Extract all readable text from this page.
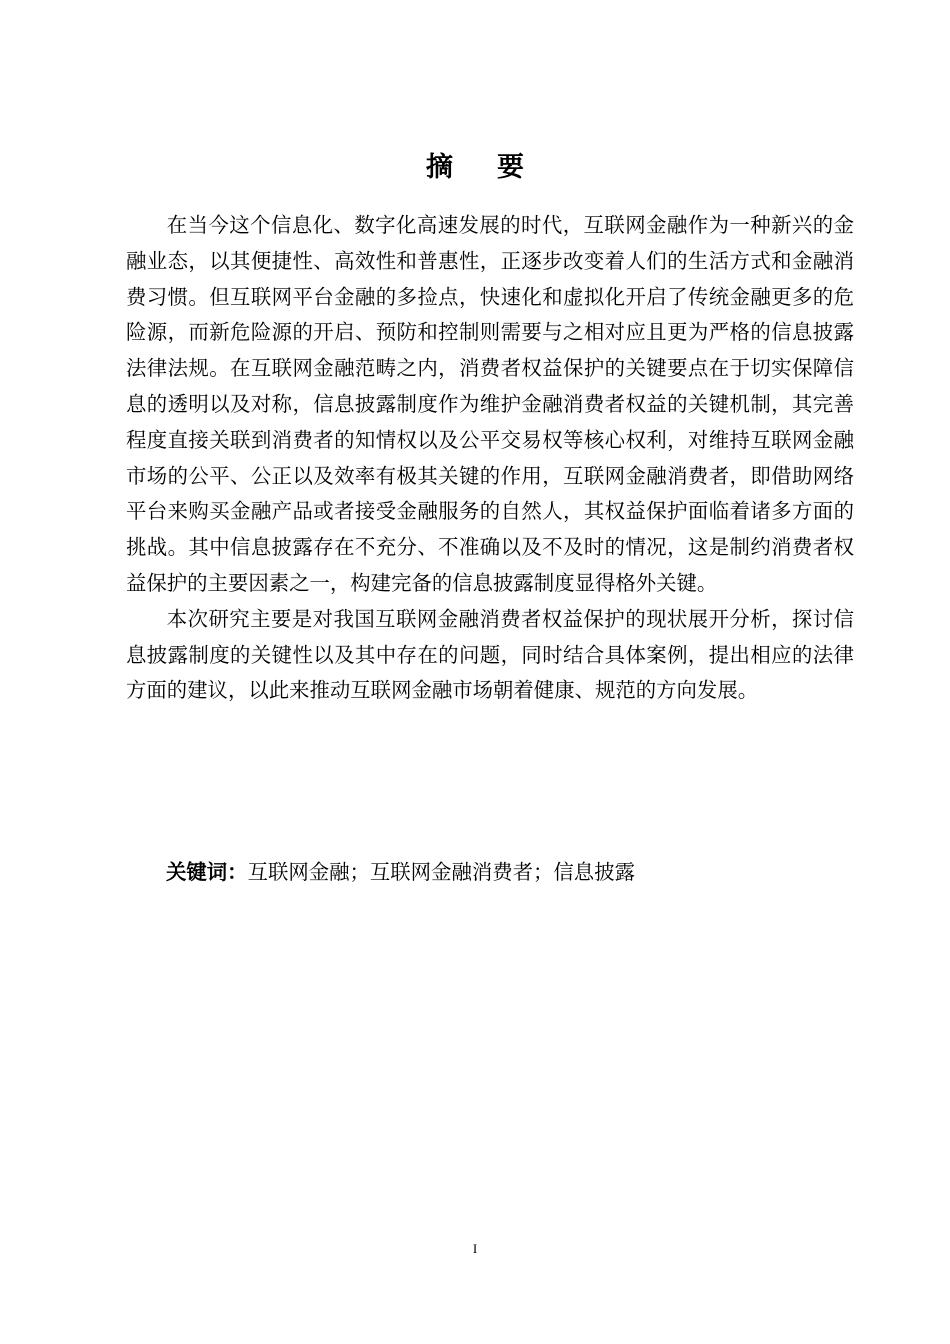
摘 要

在当今这个信息化、数字化高速发展的时代，互联网金融作为一种新兴的金融业态，以其便捷性、高效性和普惠性，正逐步改变着人们的生活方式和金融消费习惯。但互联网平台金融的多捡点，快速化和虚拟化开启了传统金融更多的危险源，而新危险源的开启、预防和控制则需要与之相对应且更为严格的信息披露法律法规。在互联网金融范畴之内，消费者权益保护的关键要点在于切实保障信息的透明以及对称，信息披露制度作为维护金融消费者权益的关键机制，其完善程度直接关联到消费者的知情权以及公平交易权等核心权利，对维持互联网金融市场的公平、公正以及效率有极其关键的作用，互联网金融消费者，即借助网络平台来购买金融产品或者接受金融服务的自然人，其权益保护面临着诸多方面的挑战。其中信息披露存在不充分、不准确以及不及时的情况，这是制约消费者权益保护的主要因素之一，构建完备的信息披露制度显得格外关键。

本次研究主要是对我国互联网金融消费者权益保护的现状展开分析，探讨信息披露制度的关键性以及其中存在的问题，同时结合具体案例，提出相应的法律方面的建议，以此来推动互联网金融市场朝着健康、规范的方向发展。

关键词：互联网金融；互联网金融消费者；信息披露
I
